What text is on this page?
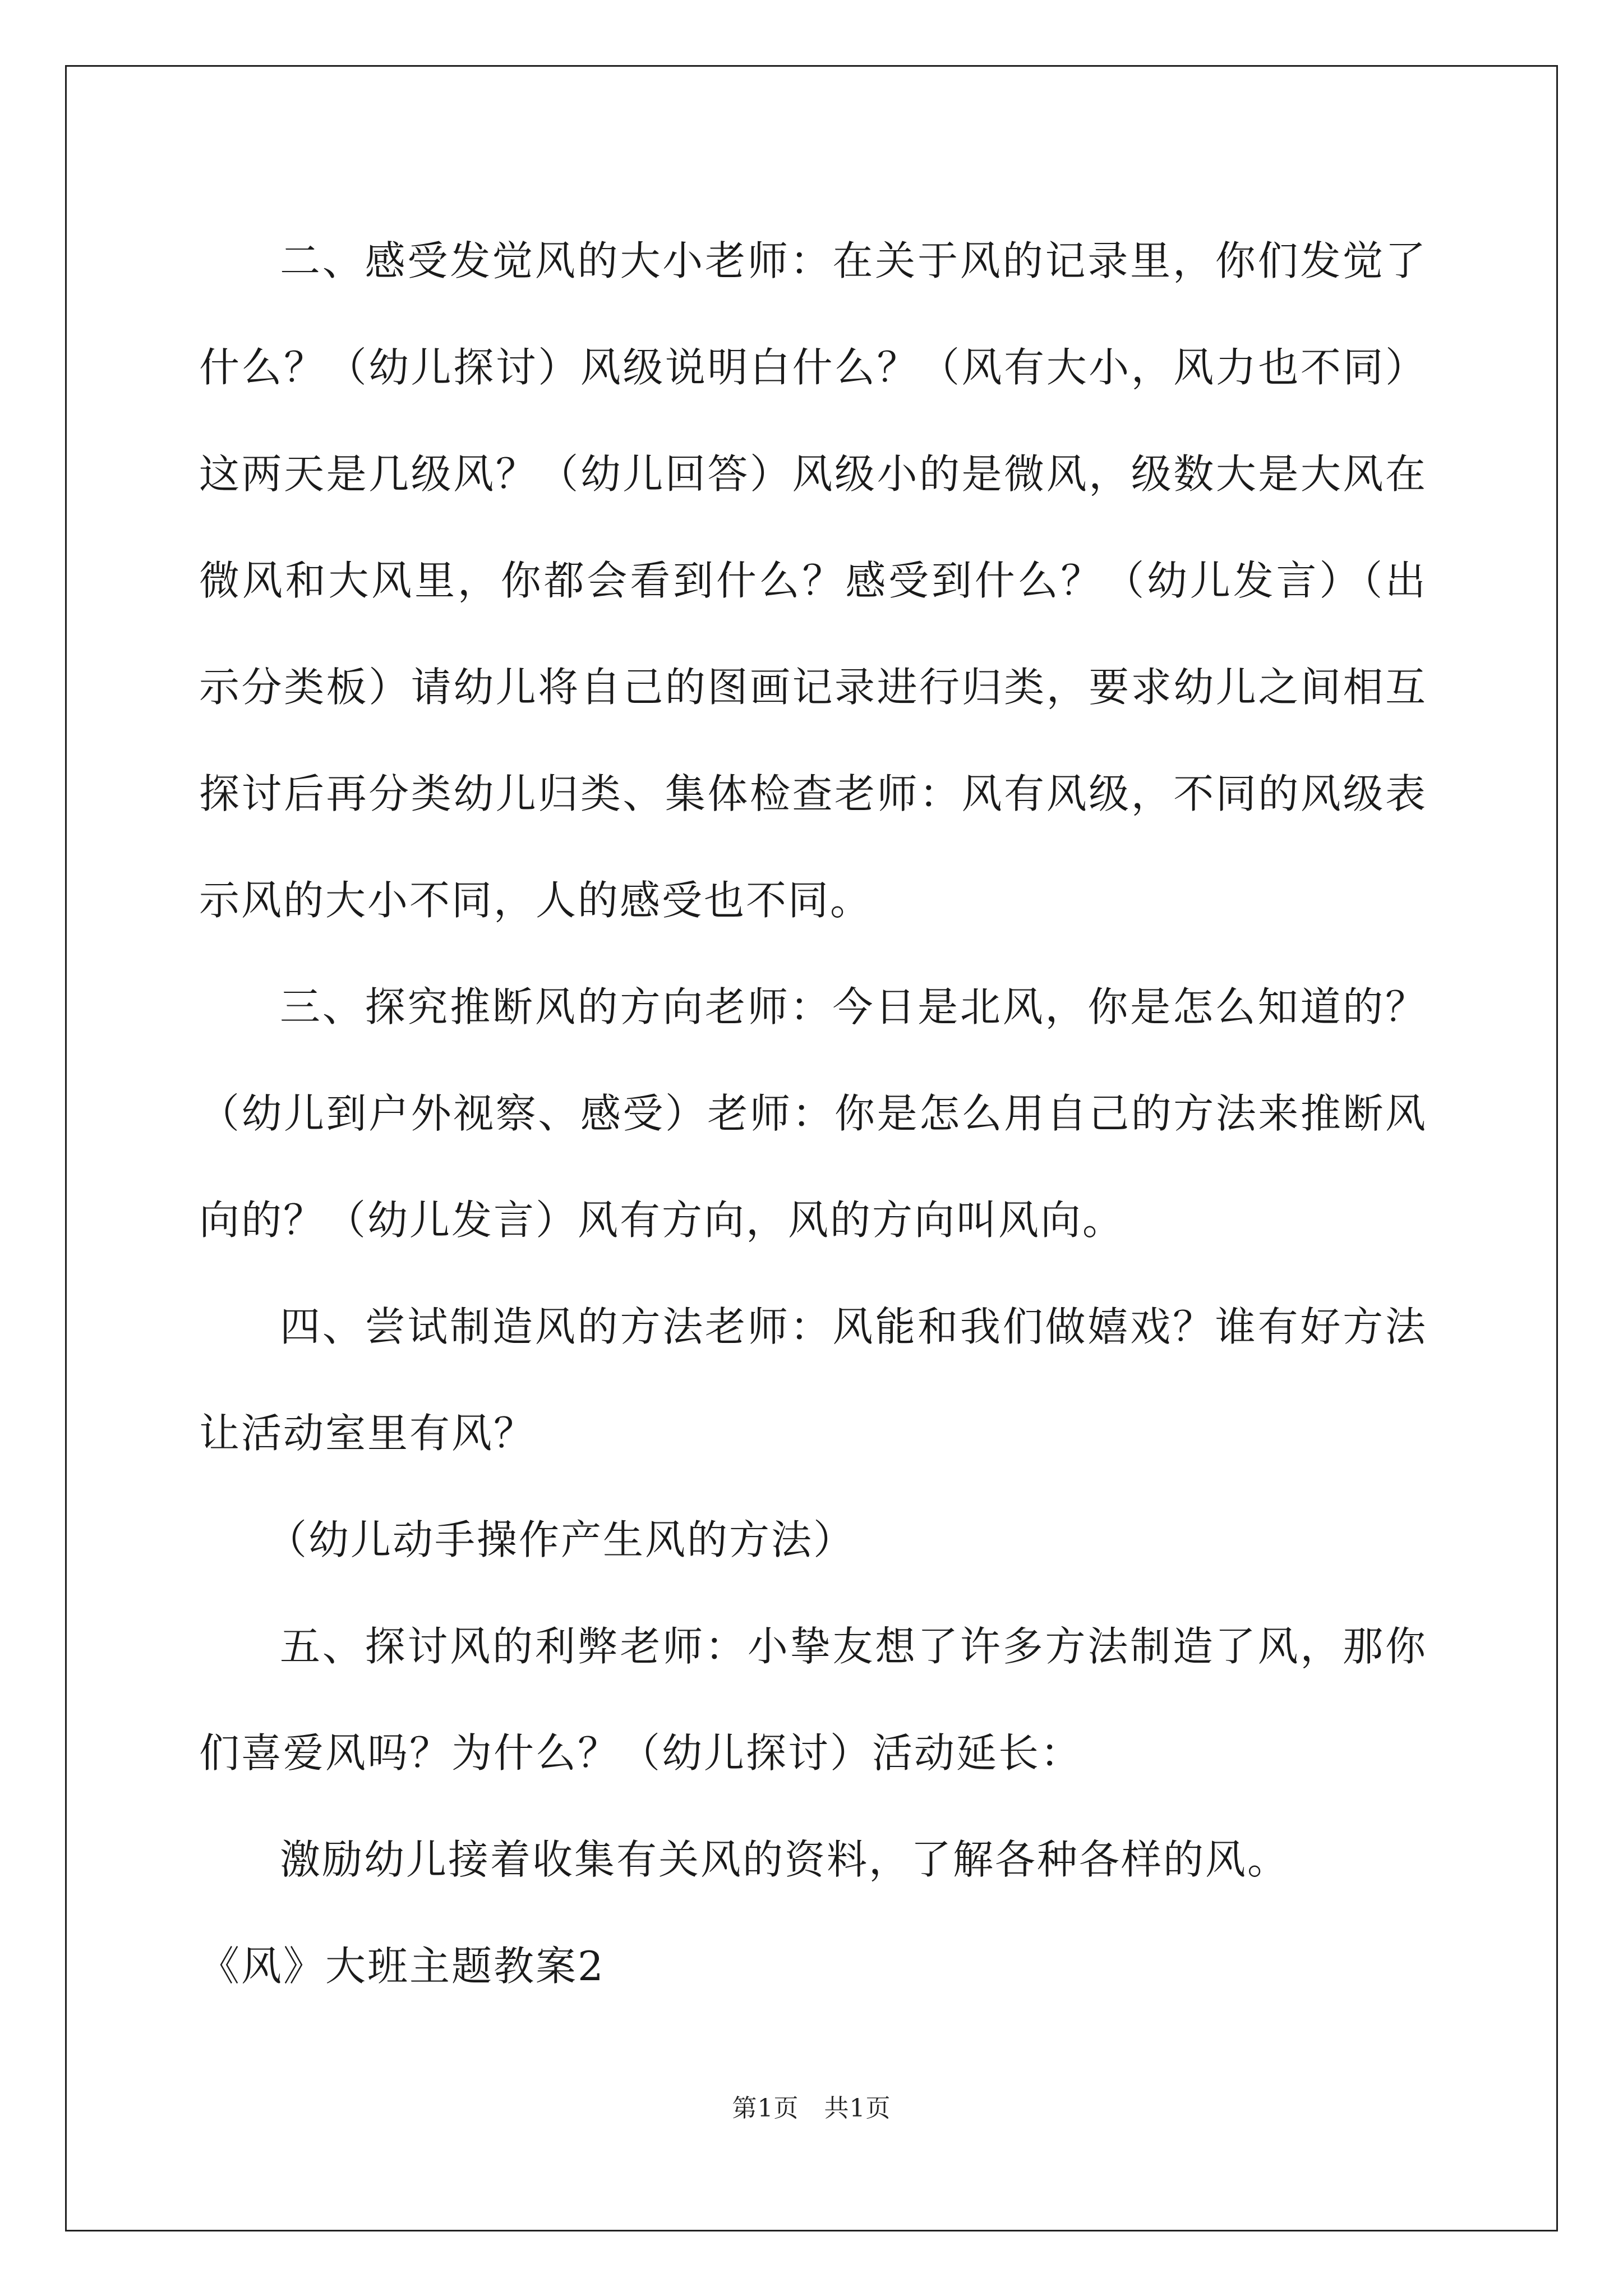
二、感受发觉风的大小老师：在关于风的记录里，你们发觉了什么？（幼儿探讨）风级说明白什么？（风有大小，风力也不同）这两天是几级风？（幼儿回答）风级小的是微风，级数大是大风在微风和大风里，你都会看到什么？感受到什么？（幼儿发言）（出示分类板）请幼儿将自己的图画记录进行归类，要求幼儿之间相互探讨后再分类幼儿归类、集体检查老师：风有风级，不同的风级表示风的大小不同，人的感受也不同。

三、探究推断风的方向老师：今日是北风，你是怎么知道的？（幼儿到户外视察、感受）老师：你是怎么用自己的方法来推断风向的？（幼儿发言）风有方向，风的方向叫风向。

四、尝试制造风的方法老师：风能和我们做嬉戏？谁有好方法让活动室里有风？

（幼儿动手操作产生风的方法）

五、探讨风的利弊老师：小挚友想了许多方法制造了风，那你们喜爱风吗？为什么？（幼儿探讨）活动延长：

激励幼儿接着收集有关风的资料，了解各种各样的风。

《风》大班主题教案2

第1页　共1页
